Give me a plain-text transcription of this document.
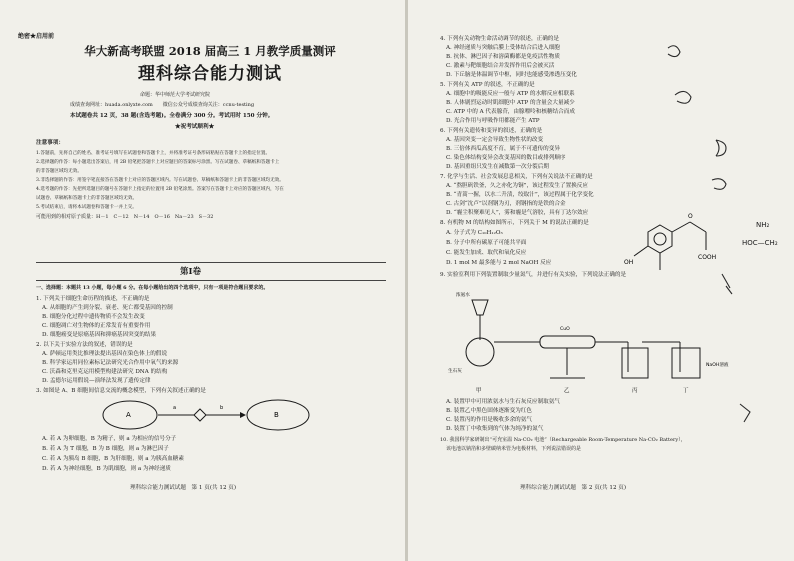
绝密★启用前
华大新高考联盟 2018 届高三 1 月教学质量测评
理科综合能力测试
命题：华中师范大学考试研究院
成绩查询网址：huada.onlyxte.com　　微信公众号成绩查询关注：ccnu-testing
本试题卷共 12 页，38 题(含选考题)。全卷满分 300 分。考试用时 150 分钟。
★祝考试顺利★
注意事项：
1.答题前，先将自己的姓名、准考证号填写在试题卷和答题卡上，并将准考证号条形码粘贴在答题卡上的指定位置。
2.选择题的作答：每小题选出答案后，用 2B 铅笔把答题卡上对应题目的答案标号涂黑。写在试题卷、草稿纸和答题卡上
的非答题区域均无效。
3.非选择题的作答：用签字笔直接答在答题卡上对应的答题区域内。写在试题卷、草稿纸和答题卡上的非答题区域均无效。
4.选考题的作答：先把所选题目的题号在答题卡上指定的位置用 2B 铅笔涂黑。答案写在答题卡上对应的答题区域内，写在
试题卷、草稿纸和答题卡上的非答题区域均无效。
5.考试结束后，请将本试题卷和答题卡一并上交。
可能用到的相对原子质量：H－1　C－12　N－14　O－16　Na－23　S－32
第Ⅰ卷
一、选择题：本题共 13 小题，每小题 6 分。在每小题给出的四个选项中，只有一项是符合题目要求的。
1. 下列关于细胞生命历程的描述，不正确的是
A. 从细胞的产生到分裂、衰老、死亡都受基因的控制
B. 细胞分化过程中遗传物质不会发生改变
C. 细胞凋亡对生物体的正常发育有重要作用
D. 细胞癌变是原癌基因和抑癌基因突变的结果
2. 以下关于实验方法的叙述，错误的是
A. 萨顿运用类比推理法提出基因在染色体上的假说
B. 科学家运用同位素标记法研究光合作用中氧气的来源
C. 沃森和克里克运用模型构建法研究 DNA 的结构
D. 孟德尔运用假说—演绎法发现了遗传定律
3. 如图是 A、B 细胞间信息交流的概念模型，下列有关叙述正确的是
A
a	b
B
A. 若 A 为卵细胞，B 为精子，则 a 为相应的信号分子
B. 若 A 为 T 细胞，B 为 B 细胞，则 a 为淋巴因子
C. 若 A 为胰岛 B 细胞，B 为肝细胞，则 a 为胰高血糖素
D. 若 A 为神经细胞，B 为肌细胞，则 a 为神经递质
理科综合能力测试试题　第 1 页(共 12 页)
4. 下列有关动物生命活动调节的叙述，正确的是
A. 神经递质与突触后膜上受体结合后进入细胞
B. 抗体、淋巴因子和溶菌酶都是免疫活性物质
C. 激素与靶细胞结合并发挥作用后会被灭活
D. 下丘脑是体温调节中枢，同时也能感受渗透压变化
5. 下列有关 ATP 的叙述，不正确的是
A. 细胞中的吸能反应一般与 ATP 的水解反应相联系
B. 人体剧烈运动时肌细胞中 ATP 的含量会大量减少
C. ATP 中的 A 代表腺苷，由腺嘌呤和核糖结合而成
D. 光合作用与呼吸作用都能产生 ATP
6. 下列有关遗传和变异的叙述，正确的是
A. 基因突变一定会导致生物性状的改变
B. 三倍体西瓜高度不育，属于不可遗传的变异
C. 染色体结构变异会改变基因的数目或排列顺序
D. 基因重组只发生在减数第一次分裂后期
7. 化学与生活、社会发展息息相关，下列有关说法不正确的是
A. “熬胆矾铁釜，久之亦化为铜”，该过程发生了置换反应
B. “青蒿一握，以水二升渍，绞取汁”，该过程属于化学变化
C. 古剑“沈卢”以剂钢为刃，剂钢指的是铁的合金
D. “霾尘积聚难见人”，雾和霾是气溶胶，具有丁达尔效应
8. 有机物 M 的结构如图所示，下列关于 M 的说法正确的是
A. 分子式为 C₁₀H₁₂O₃
B. 分子中所有碳原子可能共平面
C. 能发生加成、取代和氧化反应
D. 1 mol M 最多能与 2 mol NaOH 反应
O
OH
COOH
9. 实验室利用下列装置制取少量氮气，并进行有关实验，下列说法正确的是
浓氨水
生石灰
CuO
NaOH溶液
甲	乙	丙	丁
NH₂
HOC—CH₂
A. 装置甲中可用浓氨水与生石灰反应制取氨气
B. 装置乙中黑色固体逐渐变为红色
C. 装置丙的作用是吸收多余的氨气
D. 装置丁中收集到的气体为纯净的氮气
10. 我国科学家研制出“可充室温 Na-CO₂ 电池”（Rechargeable Room-Temperature Na-CO₂ Battery），
该电池以钠箔和多壁碳纳米管为电极材料，下列说法错误的是
理科综合能力测试试题　第 2 页(共 12 页)
